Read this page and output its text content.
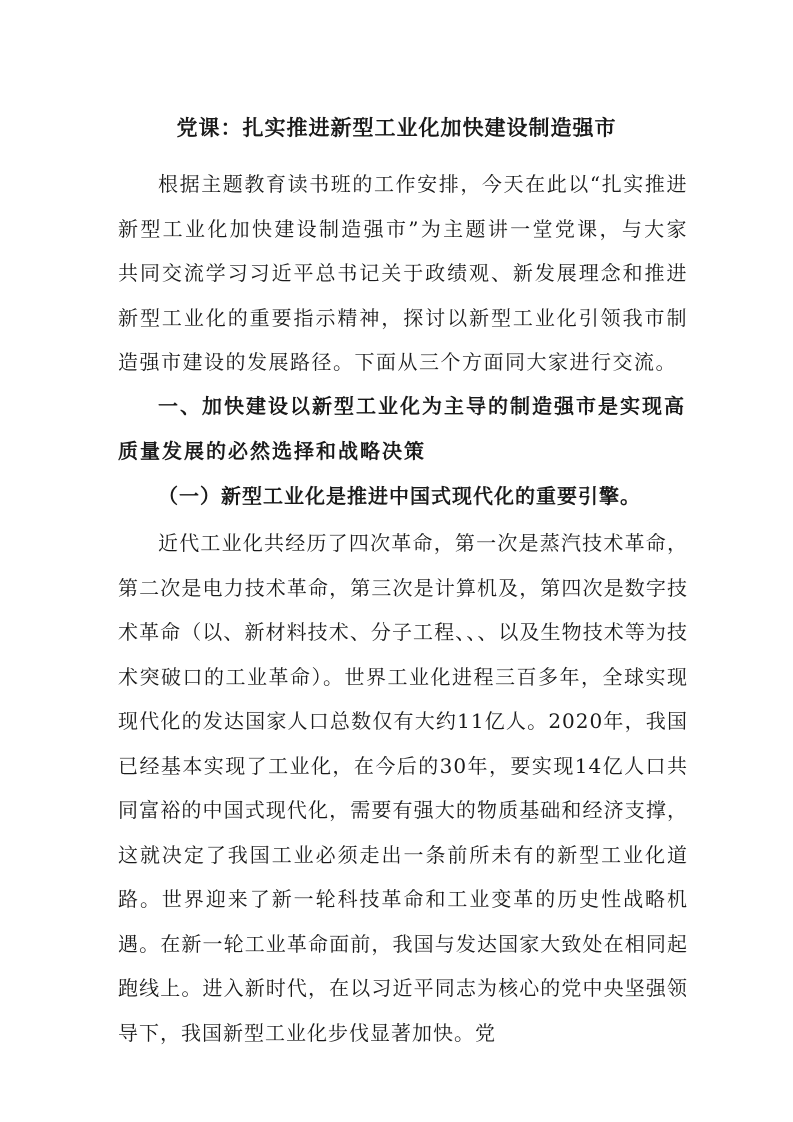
党课：扎实推进新型工业化加快建设制造强市

根据主题教育读书班的工作安排，今天在此以“扎实推进新型工业化加快建设制造强市”为主题讲一堂党课，与大家共同交流学习习近平总书记关于政绩观、新发展理念和推进新型工业化的重要指示精神，探讨以新型工业化引领我市制造强市建设的发展路径。下面从三个方面同大家进行交流。

一、加快建设以新型工业化为主导的制造强市是实现高质量发展的必然选择和战略决策

（一）新型工业化是推进中国式现代化的重要引擎。

近代工业化共经历了四次革命，第一次是蒸汽技术革命，第二次是电力技术革命，第三次是计算机及，第四次是数字技术革命（以、新材料技术、分子工程、、、以及生物技术等为技术突破口的工业革命）。世界工业化进程三百多年，全球实现现代化的发达国家人口总数仅有大约11亿人。2020年，我国已经基本实现了工业化，在今后的30年，要实现14亿人口共同富裕的中国式现代化，需要有强大的物质基础和经济支撑，这就决定了我国工业必须走出一条前所未有的新型工业化道路。世界迎来了新一轮科技革命和工业变革的历史性战略机遇。在新一轮工业革命面前，我国与发达国家大致处在相同起跑线上。进入新时代，在以习近平同志为核心的党中央坚强领导下，我国新型工业化步伐显著加快。党
